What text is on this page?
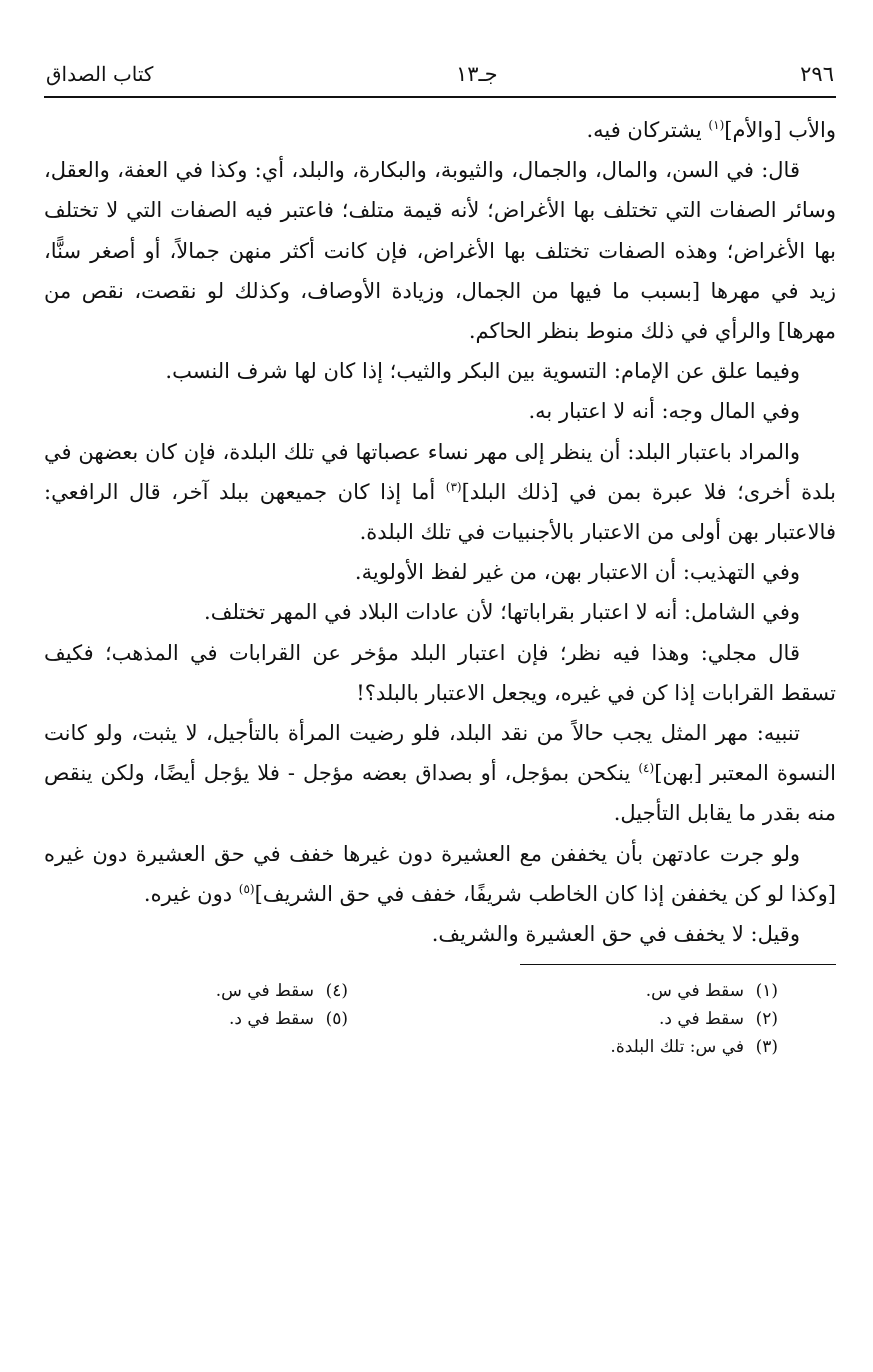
٢٩٦
جـ١٣
كتاب الصداق

والأب [والأم]$^{(١)}$ يشتركان فيه.

قال: في السن، والمال، والجمال، والثيوبة، والبكارة، والبلد، أي: وكذا في العفة، والعقل، وسائر الصفات التي تختلف بها الأغراض؛ لأنه قيمة متلف؛ فاعتبر فيه الصفات التي لا تختلف بها الأغراض؛ وهذه الصفات تختلف بها الأغراض، فإن كانت أكثر منهن جمالاً، أو أصغر سنًّا، زيد في مهرها [بسبب ما فيها من الجمال، وزيادة الأوصاف، وكذلك لو نقصت، نقص من مهرها] والرأي في ذلك منوط بنظر الحاكم.

وفيما علق عن الإمام: التسوية بين البكر والثيب؛ إذا كان لها شرف النسب.

وفي المال وجه: أنه لا اعتبار به.

والمراد باعتبار البلد: أن ينظر إلى مهر نساء عصباتها في تلك البلدة، فإن كان بعضهن في بلدة أخرى؛ فلا عبرة بمن في [ذلك البلد]$^{(٣)}$ أما إذا كان جميعهن ببلد آخر، قال الرافعي: فالاعتبار بهن أولى من الاعتبار بالأجنبيات في تلك البلدة.

وفي التهذيب: أن الاعتبار بهن، من غير لفظ الأولوية.

وفي الشامل: أنه لا اعتبار بقراباتها؛ لأن عادات البلاد في المهر تختلف.

قال مجلي: وهذا فيه نظر؛ فإن اعتبار البلد مؤخر عن القرابات في المذهب؛ فكيف تسقط القرابات إذا كن في غيره، ويجعل الاعتبار بالبلد؟!

تنبيه: مهر المثل يجب حالاً من نقد البلد، فلو رضيت المرأة بالتأجيل، لا يثبت، ولو كانت النسوة المعتبر [بهن]$^{(٤)}$ ينكحن بمؤجل، أو بصداق بعضه مؤجل - فلا يؤجل أيضًا، ولكن ينقص منه بقدر ما يقابل التأجيل.

ولو جرت عادتهن بأن يخففن مع العشيرة دون غيرها خفف في حق العشيرة دون غيره [وكذا لو كن يخففن إذا كان الخاطب شريفًا، خفف في حق الشريف]$^{(٥)}$ دون غيره.

وقيل: لا يخفف في حق العشيرة والشريف.

(١)سقط في س.
(٢)سقط في د.
(٣)في س: تلك البلدة.
(٤)سقط في س.
(٥)سقط في د.
